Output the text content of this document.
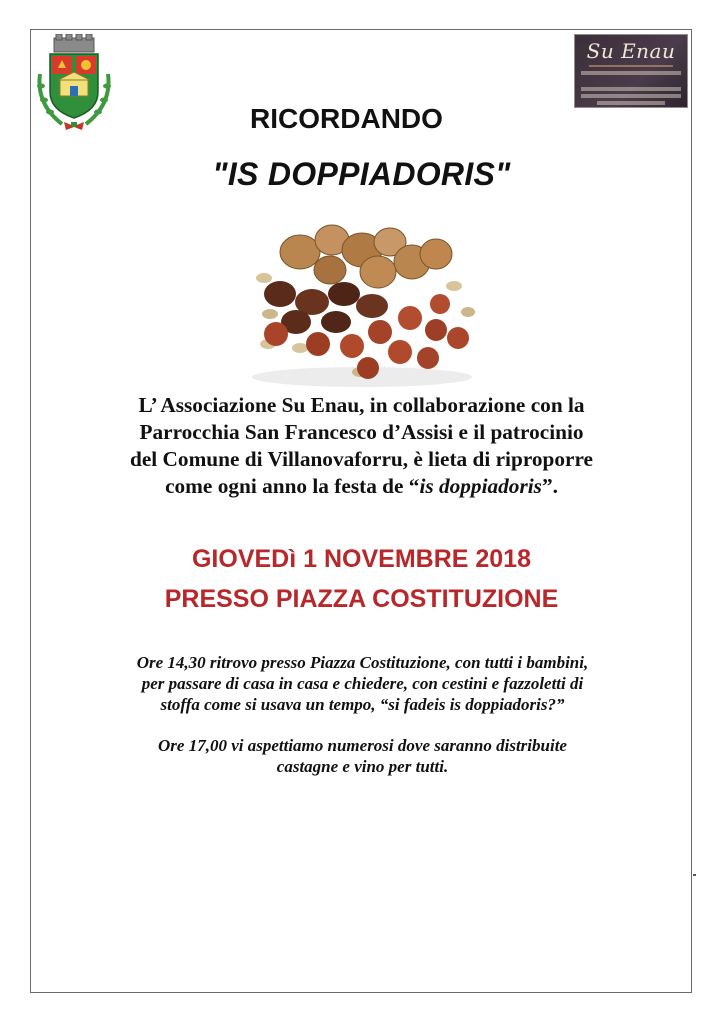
Su Enau
RICORDANDO
"IS DOPPIADORIS"
L’ Associazione Su Enau, in collaborazione con la
Parrocchia San Francesco d’Assisi e il patrocinio
del Comune di Villanovaforru, è lieta di riproporre
come ogni anno la festa de “is doppiadoris”.
GIOVEDì 1 NOVEMBRE 2018
PRESSO PIAZZA COSTITUZIONE
Ore 14,30 ritrovo presso Piazza Costituzione, con tutti i bambini,
per passare di casa in casa e chiedere, con cestini e fazzoletti di
stoffa come si usava un tempo, “si fadeis is doppiadoris?”
Ore 17,00 vi aspettiamo numerosi dove saranno distribuite
castagne e vino per tutti.
